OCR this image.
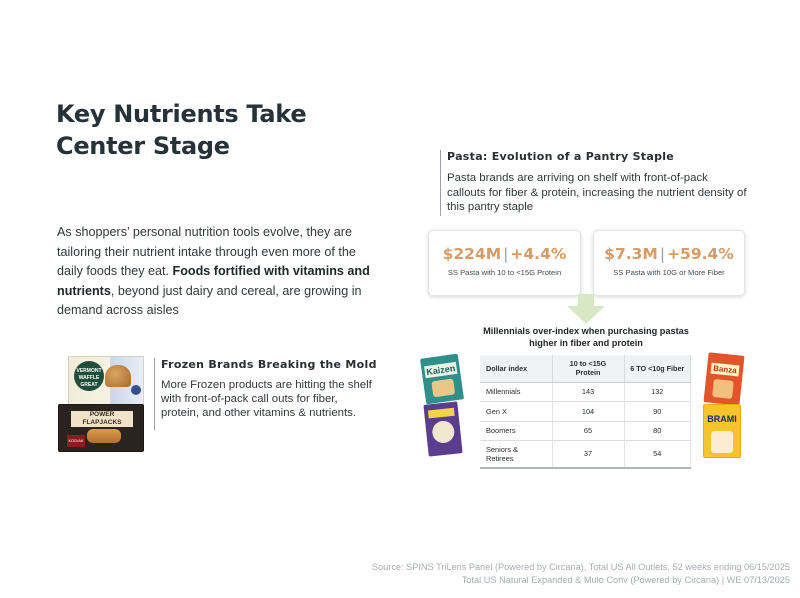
Key Nutrients Take
Center Stage

As shoppers’ personal nutrition tools evolve, they are tailoring their nutrient intake through even more of the daily foods they eat. Foods fortified with vitamins and nutrients, beyond just dairy and cereal, are growing in demand across aisles

VERMONT WAFFLE GREAT
POWER FLAPJACKS
KODIAK
Frozen Brands Breaking the Mold

More Frozen products are hitting the shelf with front-of-pack call outs for fiber, protein, and other vitamins & nutrients.

Pasta: Evolution of a Pantry Staple

Pasta brands are arriving on shelf with front-of-pack callouts for fiber & protein, increasing the nutrient density of this pantry staple

$224M | +4.4%
SS Pasta with 10 to <15G Protein
$7.3M | +59.4%
SS Pasta with 10G or More Fiber
Millennials over-index when purchasing pastas higher in fiber and protein
Kaizen	Banza
BRAMI
Dollar index	10 to <15G Protein	6 TO <10g Fiber
Millennials	143	132
Gen X	104	90
Boomers	65	80
Seniors & Retirees	37	54
Source: SPINS TriLens Panel (Powered by Circana), Total US All Outlets, 52 weeks ending 06/15/2025
Total US Natural Expanded & Mulo Conv (Powered by Circana) | WE 07/13/2025
